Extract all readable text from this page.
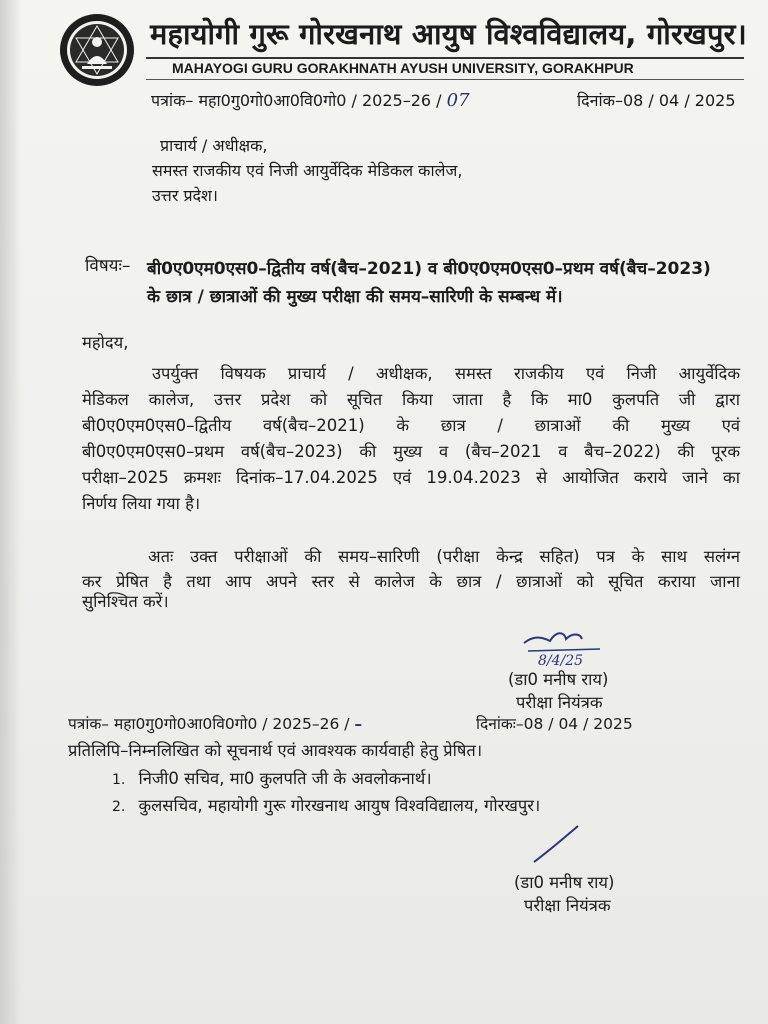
महायोगी गुरू गोरखनाथ आयुष विश्वविद्यालय, गोरखपुर।
MAHAYOGI GURU GORAKHNATH AYUSH UNIVERSITY, GORAKHPUR
पत्रांक– महा0गु0गो0आ0वि0गो0 / 2025–26 / 07	दिनांक–08 / 04 / 2025
प्राचार्य / अधीक्षक,
समस्त राजकीय एवं निजी आयुर्वेदिक मेडिकल कालेज,
उत्तर प्रदेश।
विषयः– बी0ए0एम0एस0–द्वितीय वर्ष(बैच–2021) व बी0ए0एम0एस0–प्रथम वर्ष(बैच–2023)
के छात्र / छात्राओं की मुख्य परीक्षा की समय–सारिणी के सम्बन्ध में।
महोदय,
उपर्युक्त विषयक प्राचार्य / अधीक्षक, समस्त राजकीय एवं निजी आयुर्वेदिक
मेडिकल कालेज, उत्तर प्रदेश को सूचित किया जाता है कि मा0 कुलपति जी द्वारा
बी0ए0एम0एस0–द्वितीय वर्ष(बैच–2021) के छात्र / छात्राओं की मुख्य एवं
बी0ए0एम0एस0–प्रथम वर्ष(बैच–2023) की मुख्य व (बैच–2021 व बैच–2022) की पूरक
परीक्षा–2025 क्रमशः दिनांक–17.04.2025 एवं 19.04.2023 से आयोजित कराये जाने का
निर्णय लिया गया है।
अतः उक्त परीक्षाओं की समय–सारिणी (परीक्षा केन्द्र सहित) पत्र के साथ सलंग्न
कर प्रेषित है तथा आप अपने स्तर से कालेज के छात्र / छात्राओं को सूचित कराया जाना
सुनिश्चित करें।
8/4/25
(डा0 मनीष राय)
परीक्षा नियंत्रक
पत्रांक– महा0गु0गो0आ0वि0गो0 / 2025–26 / –	दिनांकः–08 / 04 / 2025
प्रतिलिपि–निम्नलिखित को सूचनार्थ एवं आवश्यक कार्यवाही हेतु प्रेषित।
1. निजी0 सचिव, मा0 कुलपति जी के अवलोकनार्थ।
2. कुलसचिव, महायोगी गुरू गोरखनाथ आयुष विश्वविद्यालय, गोरखपुर।
(डा0 मनीष राय)
परीक्षा नियंत्रक
